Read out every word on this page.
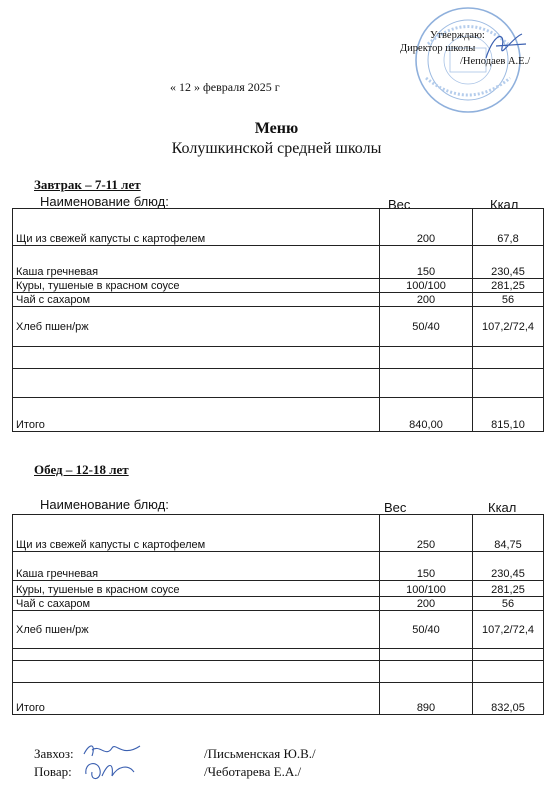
Утверждаю:
Директор школы
/Неподаев А.Е./
« 12 » февраля 2025 г
Меню
Колушкинской средней школы
Завтрак – 7-11 лет
Наименование блюд:	Вес	Ккал
Щи из свежей капусты с картофелем	200	67,8
Каша гречневая	150	230,45
Куры, тушеные в красном соусе	100/100	281,25
Чай с сахаром	200	56
Хлеб пшен/рж	50/40	107,2/72,4

Итого	840,00	815,10
Обед – 12-18 лет
Наименование блюд:	Вес	Ккал
Щи из свежей капусты с картофелем	250	84,75
Каша гречневая	150	230,45
Куры, тушеные в красном соусе	100/100	281,25
Чай с сахаром	200	56
Хлеб пшен/рж	50/40	107,2/72,4

Итого	890	832,05
Завхоз:	/Письменская Ю.В./
Повар:	/Чеботарева Е.А./
